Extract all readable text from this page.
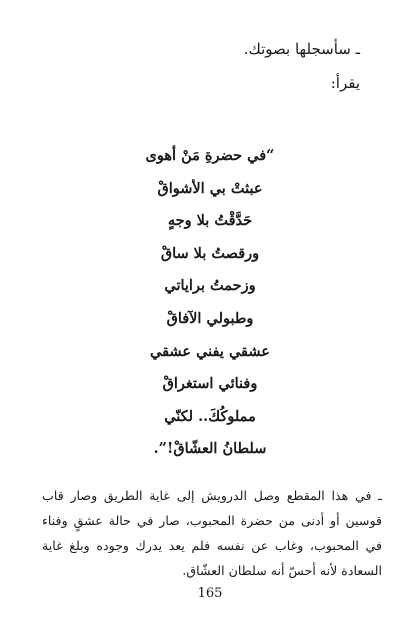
ـ سأسجلها بصوتك.
يقرأ:
“في حضرةِ مَنْ أهوى
عبثتْ بي الأشواقْ
حَدَّقْتُ بلا وجهٍ
ورقصتُ بلا ساقْ
وزحمتُ براياتي
وطبولي الآفاقْ
عشقي يفني عشقي
وفنائي استغراقْ
مملوكُكَ.. لكنّي
سلطانُ العشّاقْ!”.

ـ في هذا المقطع وصل الدرويش إلى غاية الطريق وصار قاب قوسين أو أدنى من حضرة المحبوب، صار في حالة عشقٍ وفناء في المحبوب، وغاب عن نفسه فلم يعد يدرك وجوده وبلغ غاية السعادة لأنه أحسّ أنه سلطان العشّاق.

165
